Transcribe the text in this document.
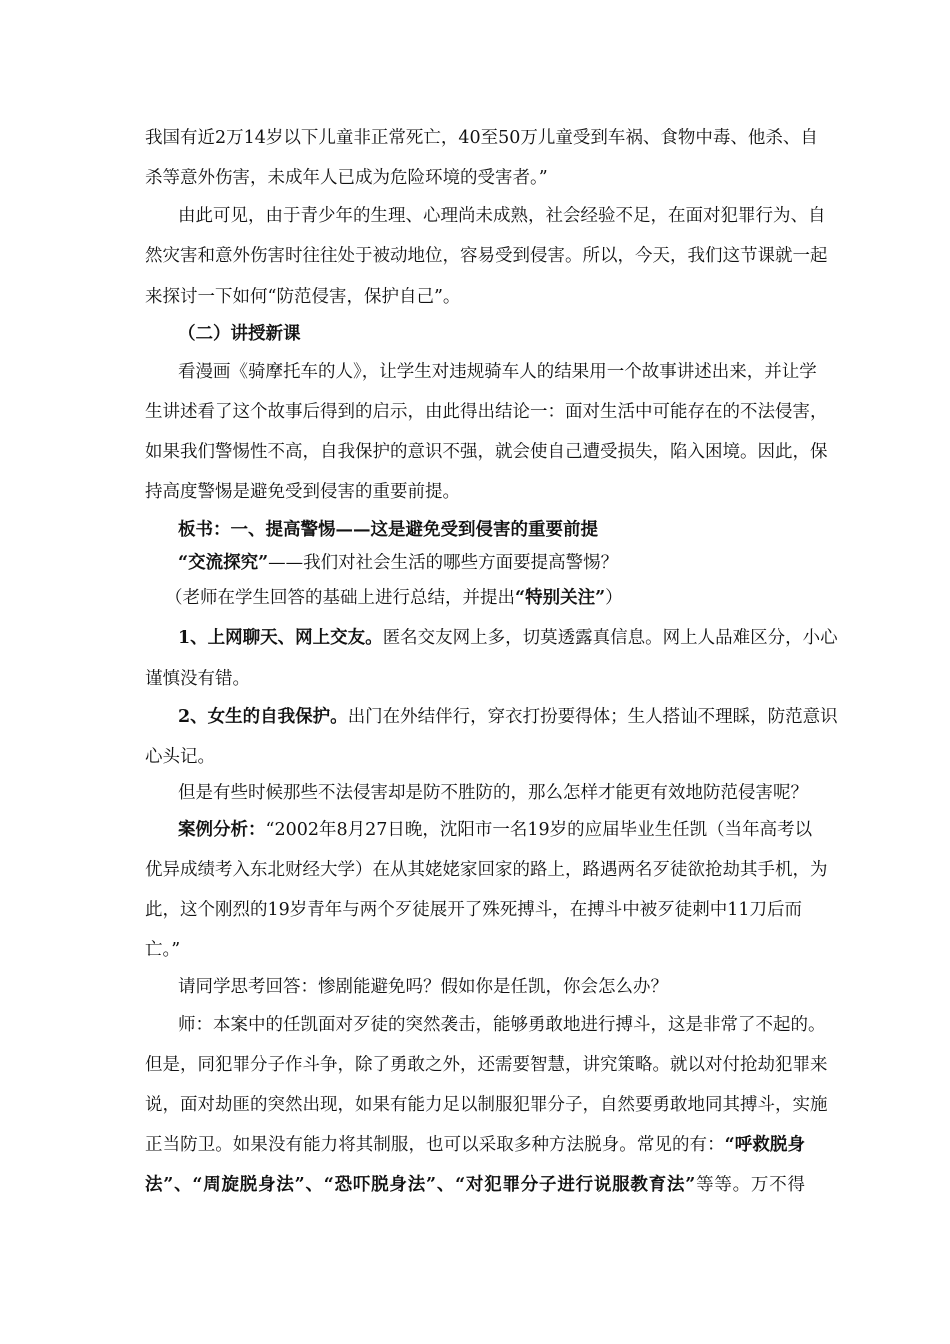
我国有近2万14岁以下儿童非正常死亡，40至50万儿童受到车祸、食物中毒、他杀、自
杀等意外伤害，未成年人已成为危险环境的受害者。”
由此可见，由于青少年的生理、心理尚未成熟，社会经验不足，在面对犯罪行为、自
然灾害和意外伤害时往往处于被动地位，容易受到侵害。所以，今天，我们这节课就一起
来探讨一下如何“防范侵害，保护自己”。
（二）讲授新课
看漫画《骑摩托车的人》，让学生对违规骑车人的结果用一个故事讲述出来，并让学
生讲述看了这个故事后得到的启示，由此得出结论一：面对生活中可能存在的不法侵害，
如果我们警惕性不高，自我保护的意识不强，就会使自己遭受损失，陷入困境。因此，保
持高度警惕是避免受到侵害的重要前提。
板书：一、提高警惕——这是避免受到侵害的重要前提
“交流探究”——我们对社会生活的哪些方面要提高警惕？
（老师在学生回答的基础上进行总结，并提出“特别关注”）
1、上网聊天、网上交友。匿名交友网上多，切莫透露真信息。网上人品难区分，小心
谨慎没有错。
2、女生的自我保护。出门在外结伴行，穿衣打扮要得体；生人搭讪不理睬，防范意识
心头记。
但是有些时候那些不法侵害却是防不胜防的，那么怎样才能更有效地防范侵害呢？
案例分析：“2002年8月27日晚，沈阳市一名19岁的应届毕业生任凯（当年高考以
优异成绩考入东北财经大学）在从其姥姥家回家的路上，路遇两名歹徒欲抢劫其手机，为
此，这个刚烈的19岁青年与两个歹徒展开了殊死搏斗，在搏斗中被歹徒刺中11刀后而
亡。”
请同学思考回答：惨剧能避免吗？假如你是任凯，你会怎么办？
师：本案中的任凯面对歹徒的突然袭击，能够勇敢地进行搏斗，这是非常了不起的。
但是，同犯罪分子作斗争，除了勇敢之外，还需要智慧，讲究策略。就以对付抢劫犯罪来
说，面对劫匪的突然出现，如果有能力足以制服犯罪分子，自然要勇敢地同其搏斗，实施
正当防卫。如果没有能力将其制服，也可以采取多种方法脱身。常见的有：“呼救脱身
法”、“周旋脱身法”、“恐吓脱身法”、“对犯罪分子进行说服教育法”等等。万不得
